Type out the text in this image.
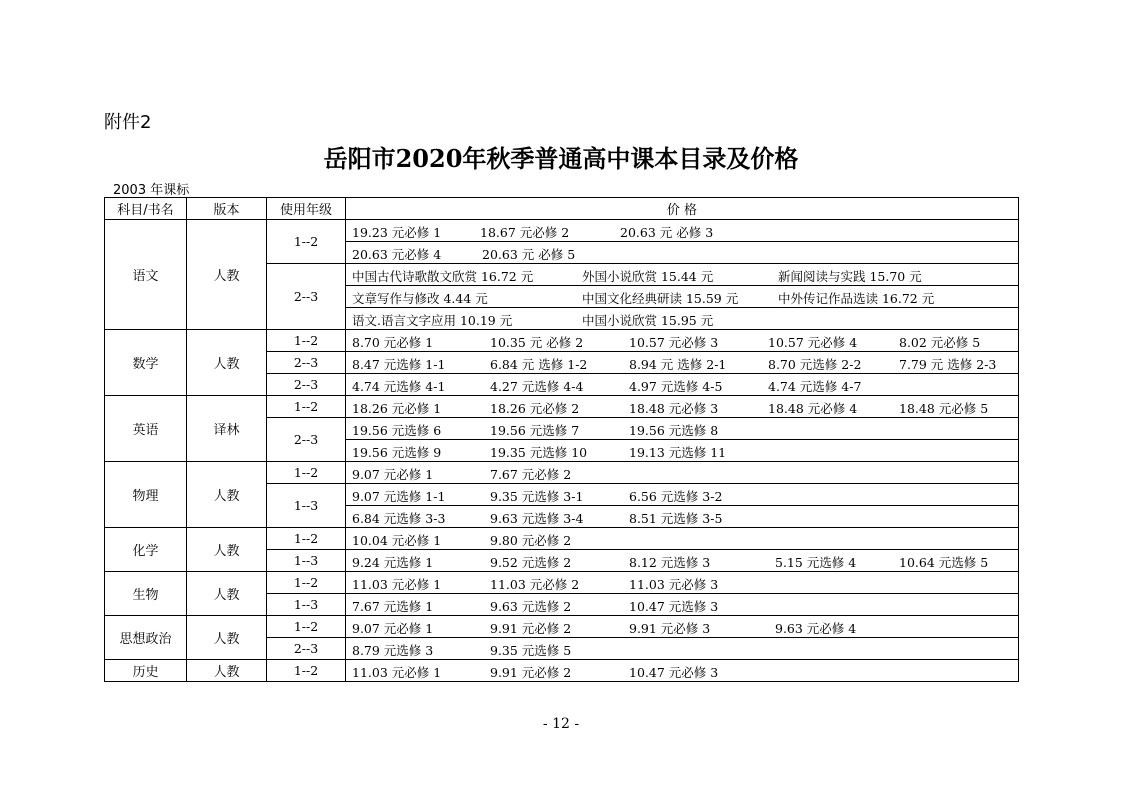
附件2
岳阳市2020年秋季普通高中课本目录及价格
2003 年课标
科目/书名	版本	使用年级	价 格
语文	人教	1--2	19.23 元必修 1 18.67 元必修 2 20.63 元 必修 3

			20.63 元必修 4 20.63 元 必修 5

		2--3	中国古代诗歌散文欣赏 16.72 元 外国小说欣赏 15.44 元 新闻阅读与实践 15.70 元

			文章写作与修改 4.44 元 中国文化经典研读 15.59 元 中外传记作品选读 16.72 元

			语文.语言文字应用 10.19 元 中国小说欣赏 15.95 元

数学	人教	1--2	8.70 元必修 1 10.35 元 必修 2 10.57 元必修 3 10.57 元必修 4 8.02 元必修 5

		2--3	8.47 元选修 1-1 6.84 元 选修 1-2 8.94 元 选修 2-1 8.70 元选修 2-2 7.79 元 选修 2-3

		2--3	4.74 元选修 4-1 4.27 元选修 4-4 4.97 元选修 4-5 4.74 元选修 4-7

英语	译林	1--2	18.26 元必修 1 18.26 元必修 2 18.48 元必修 3 18.48 元必修 4 18.48 元必修 5

		2--3	19.56 元选修 6 19.56 元选修 7 19.56 元选修 8

			19.56 元选修 9 19.35 元选修 10 19.13 元选修 11

物理	人教	1--2	9.07 元必修 1 7.67 元必修 2

		1--3	9.07 元选修 1-1 9.35 元选修 3-1 6.56 元选修 3-2

			6.84 元选修 3-3 9.63 元选修 3-4 8.51 元选修 3-5

化学	人教	1--2	10.04 元必修 1 9.80 元必修 2

		1--3	9.24 元选修 1 9.52 元选修 2 8.12 元选修 3 5.15 元选修 4 10.64 元选修 5

生物	人教	1--2	11.03 元必修 1 11.03 元必修 2 11.03 元必修 3

		1--3	7.67 元选修 1 9.63 元选修 2 10.47 元选修 3

思想政治	人教	1--2	9.07 元必修 1 9.91 元必修 2 9.91 元必修 3 9.63 元必修 4

		2--3	8.79 元选修 3 9.35 元选修 5

历史	人教	1--2	11.03 元必修 1 9.91 元必修 2 10.47 元必修 3
- 12 -
